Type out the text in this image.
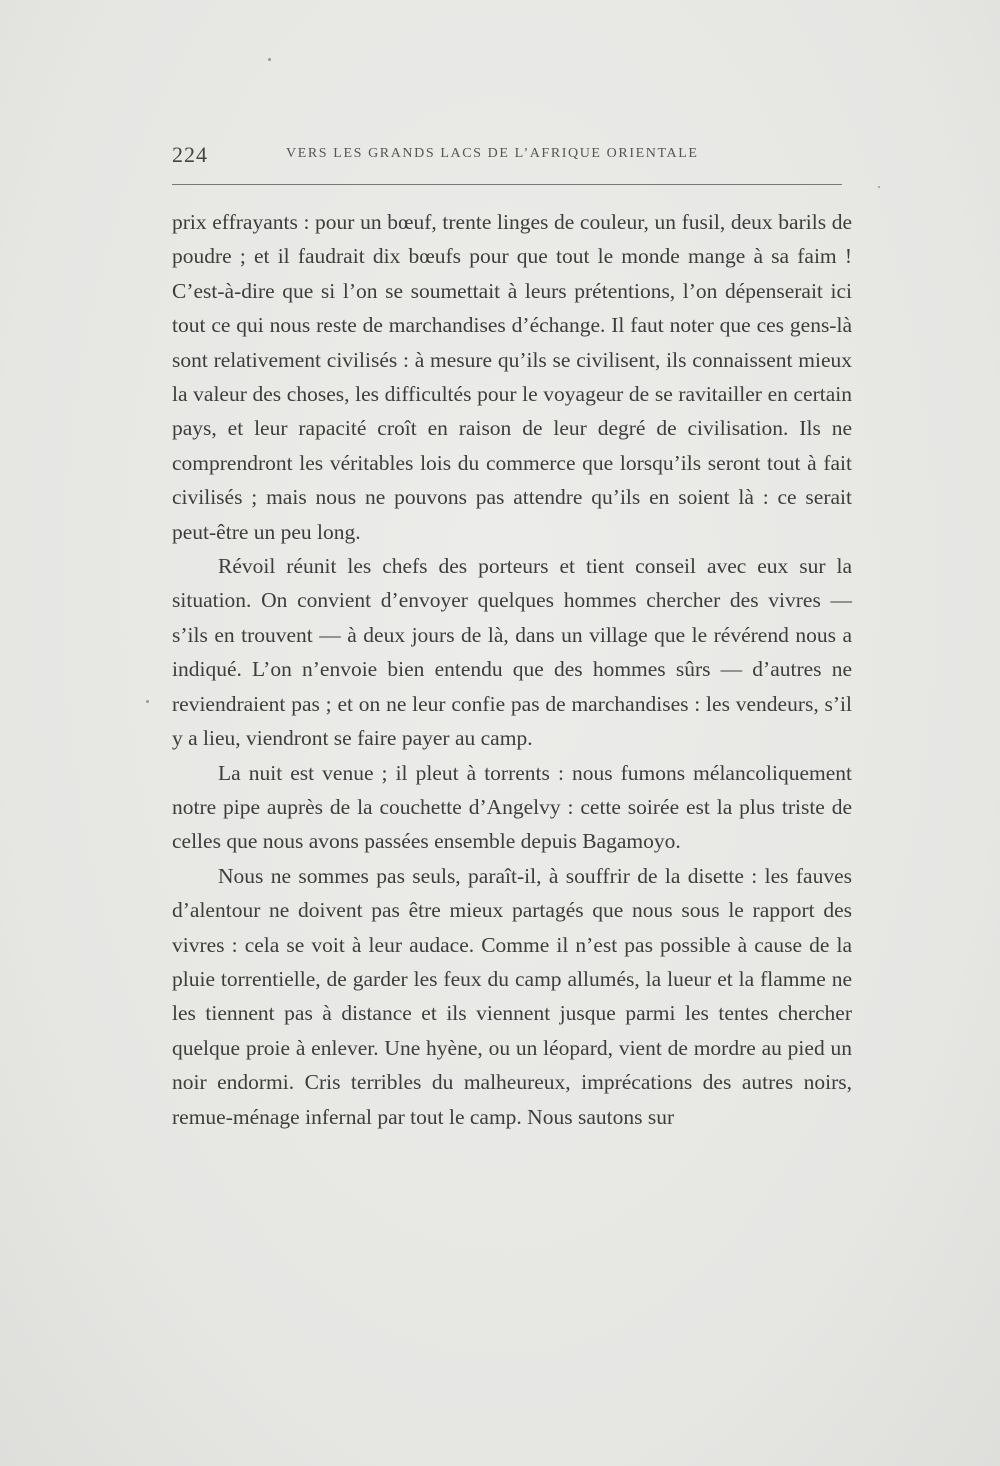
224	VERS LES GRANDS LACS DE L’AFRIQUE ORIENTALE

prix effrayants : pour un bœuf, trente linges de couleur, un fusil, deux barils de poudre ; et il faudrait dix bœufs pour que tout le monde mange à sa faim ! C’est-à-dire que si l’on se soumettait à leurs prétentions, l’on dépenserait ici tout ce qui nous reste de marchandises d’échange. Il faut noter que ces gens-là sont relativement civilisés : à mesure qu’ils se civilisent, ils connaissent mieux la valeur des choses, les difficultés pour le voyageur de se ravitailler en certain pays, et leur rapacité croît en raison de leur degré de civilisation. Ils ne comprendront les véritables lois du commerce que lorsqu’ils seront tout à fait civilisés ; mais nous ne pouvons pas attendre qu’ils en soient là : ce serait peut-être un peu long.

Révoil réunit les chefs des porteurs et tient conseil avec eux sur la situation. On convient d’envoyer quelques hommes chercher des vivres — s’ils en trouvent — à deux jours de là, dans un village que le révérend nous a indiqué. L’on n’envoie bien entendu que des hommes sûrs — d’autres ne reviendraient pas ; et on ne leur confie pas de marchandises : les vendeurs, s’il y a lieu, viendront se faire payer au camp.

La nuit est venue ; il pleut à torrents : nous fumons mélancoliquement notre pipe auprès de la couchette d’Angelvy : cette soirée est la plus triste de celles que nous avons passées ensemble depuis Bagamoyo.

Nous ne sommes pas seuls, paraît-il, à souffrir de la disette : les fauves d’alentour ne doivent pas être mieux partagés que nous sous le rapport des vivres : cela se voit à leur audace. Comme il n’est pas possible à cause de la pluie torrentielle, de garder les feux du camp allumés, la lueur et la flamme ne les tiennent pas à distance et ils viennent jusque parmi les tentes chercher quelque proie à enlever. Une hyène, ou un léopard, vient de mordre au pied un noir endormi. Cris terribles du malheureux, imprécations des autres noirs, remue-ménage infernal par tout le camp. Nous sautons sur
